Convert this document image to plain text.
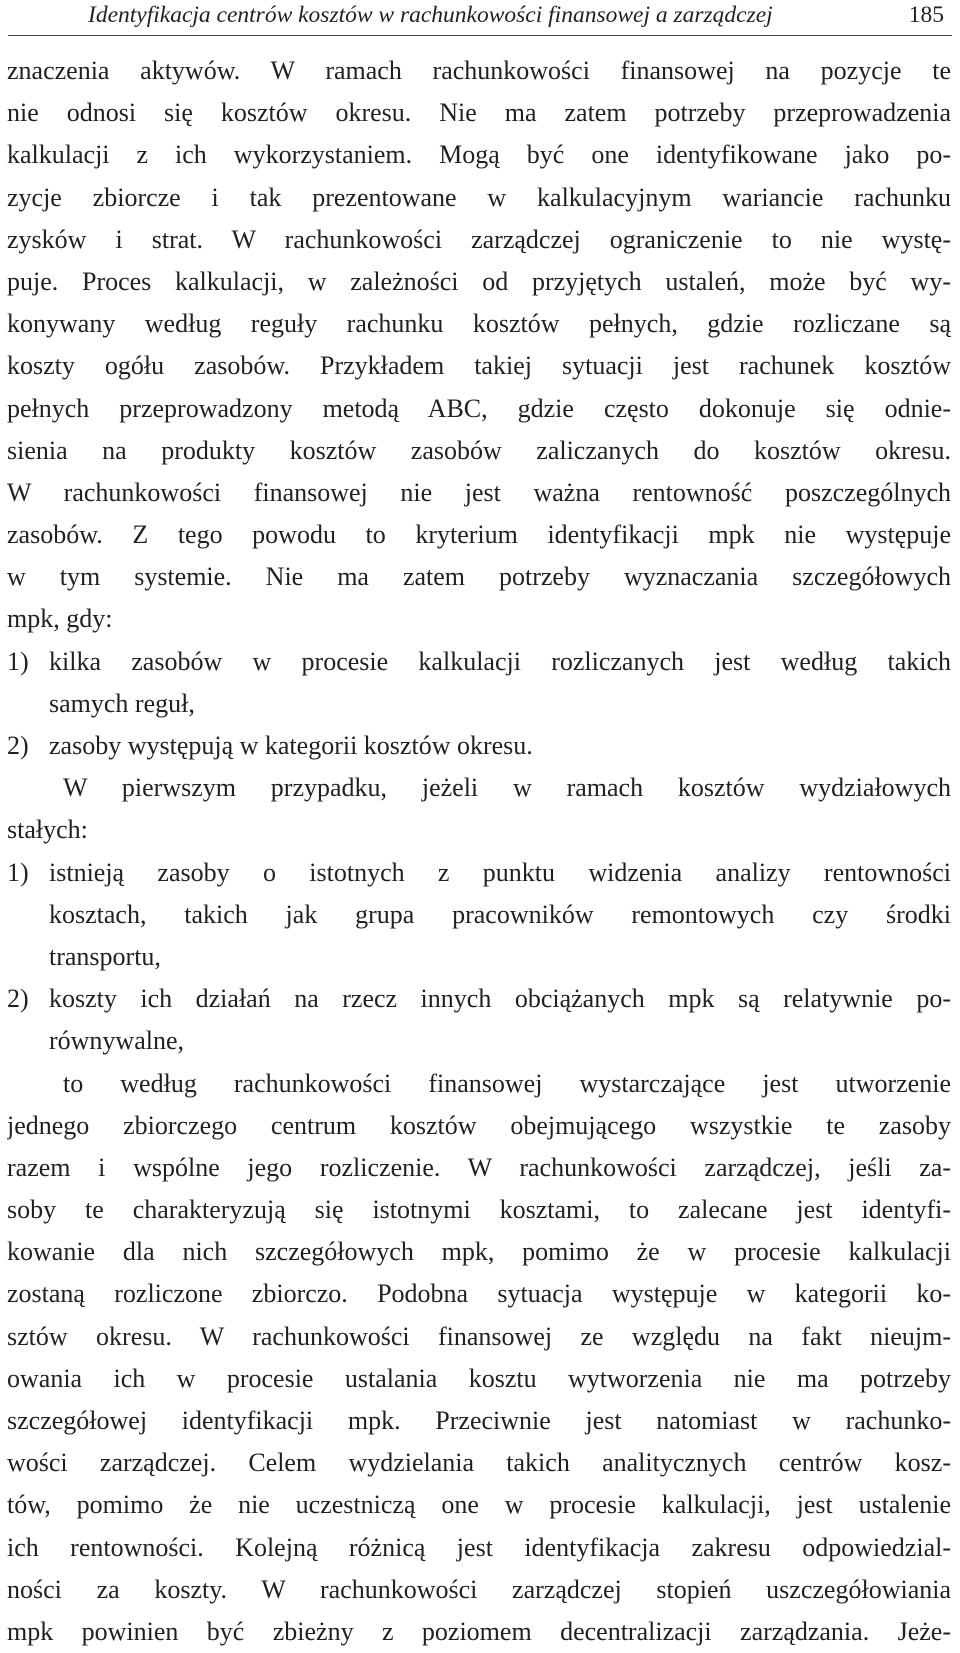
Identyfikacja centrów kosztów w rachunkowości finansowej a zarządczej	185
znaczenia aktywów. W ramach rachunkowości finansowej na pozycje te
nie odnosi się kosztów okresu. Nie ma zatem potrzeby przeprowadzenia
kalkulacji z ich wykorzystaniem. Mogą być one identyfikowane jako po-
zycje zbiorcze i tak prezentowane w kalkulacyjnym wariancie rachunku
zysków i strat. W rachunkowości zarządczej ograniczenie to nie wystę-
puje. Proces kalkulacji, w zależności od przyjętych ustaleń, może być wy-
konywany według reguły rachunku kosztów pełnych, gdzie rozliczane są
koszty ogółu zasobów. Przykładem takiej sytuacji jest rachunek kosztów
pełnych przeprowadzony metodą ABC, gdzie często dokonuje się odnie-
sienia na produkty kosztów zasobów zaliczanych do kosztów okresu.
W rachunkowości finansowej nie jest ważna rentowność poszczególnych
zasobów. Z tego powodu to kryterium identyfikacji mpk nie występuje
w tym systemie. Nie ma zatem potrzeby wyznaczania szczegółowych
mpk, gdy:
1) kilka zasobów w procesie kalkulacji rozliczanych jest według takich
samych reguł,
2) zasoby występują w kategorii kosztów okresu.
W pierwszym przypadku, jeżeli w ramach kosztów wydziałowych
stałych:
1) istnieją zasoby o istotnych z punktu widzenia analizy rentowności
kosztach, takich jak grupa pracowników remontowych czy środki
transportu,
2) koszty ich działań na rzecz innych obciążanych mpk są relatywnie po-
równywalne,
to według rachunkowości finansowej wystarczające jest utworzenie
jednego zbiorczego centrum kosztów obejmującego wszystkie te zasoby
razem i wspólne jego rozliczenie. W rachunkowości zarządczej, jeśli za-
soby te charakteryzują się istotnymi kosztami, to zalecane jest identyfi-
kowanie dla nich szczegółowych mpk, pomimo że w procesie kalkulacji
zostaną rozliczone zbiorczo. Podobna sytuacja występuje w kategorii ko-
sztów okresu. W rachunkowości finansowej ze względu na fakt nieujm-
owania ich w procesie ustalania kosztu wytworzenia nie ma potrzeby
szczegółowej identyfikacji mpk. Przeciwnie jest natomiast w rachunko-
wości zarządczej. Celem wydzielania takich analitycznych centrów kosz-
tów, pomimo że nie uczestniczą one w procesie kalkulacji, jest ustalenie
ich rentowności. Kolejną różnicą jest identyfikacja zakresu odpowiedzial-
ności za koszty. W rachunkowości zarządczej stopień uszczegółowiania
mpk powinien być zbieżny z poziomem decentralizacji zarządzania. Jeże-
